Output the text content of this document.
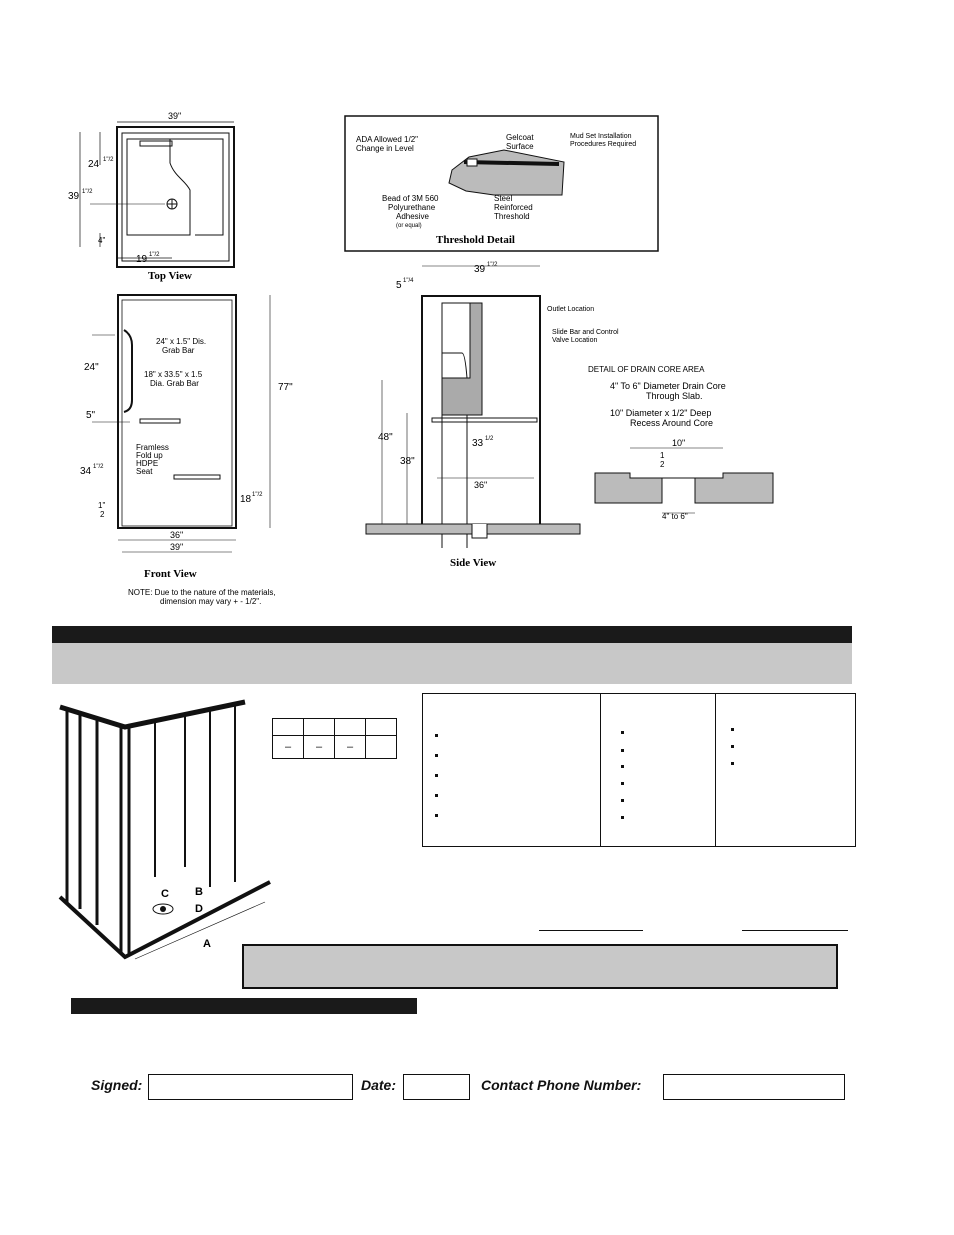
39"
39 1"/2
24 1"/2
4"
19 1"/2
Top View
ADA Allowed 1/2"
Change in Level
Gelcoat
Surface
Mud Set Installation
Procedures Required
Bead of 3M 560
Polyurethane
Adhesive
(or equal)
Steel
Reinforced
Threshold
Threshold Detail
24" x 1.5" Dis.
Grab Bar
18" x 33.5" x 1.5
Dia. Grab Bar
Framless
Fold up
HDPE
Seat
24"
5"
34 1"/2
1"
2
77"
18 1"/2
36"
39"
Front View
NOTE: Due to the nature of the materials,
dimension may vary + - 1/2".
39 1"/2
5 1"/4
Outlet Location
Slide Bar and Control
Valve Location
48"
38"
33 1/2
36"
Side View
DETAIL OF DRAIN CORE AREA
4" To 6" Diameter Drain Core
Through Slab.
10" Diameter x 1/2" Deep
Recess Around Core
10"
1
2
4" to 6"
A
B
C
D

–	–	–	
Signed:	Date:	Contact Phone Number:
